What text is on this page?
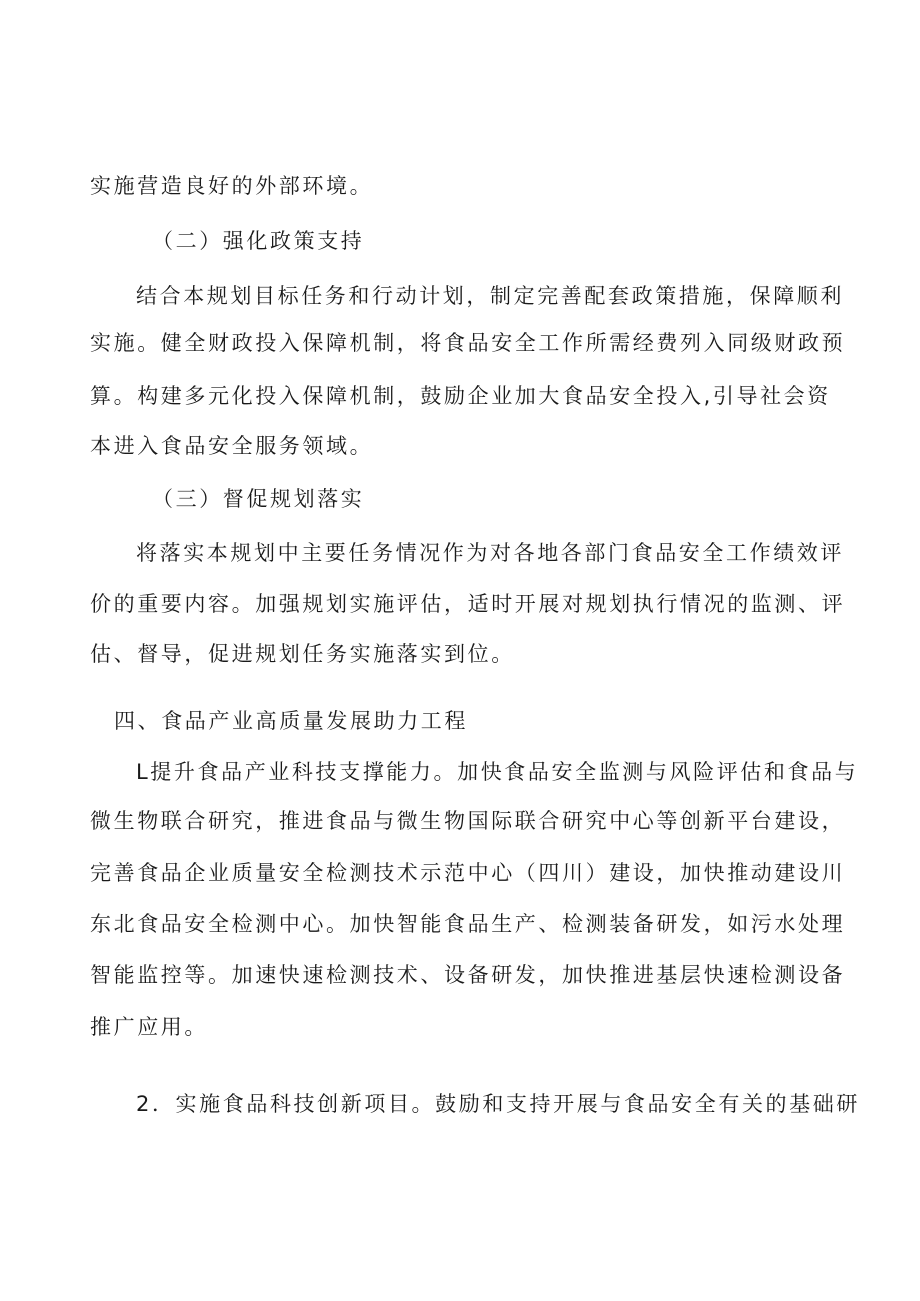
实施营造良好的外部环境。
（二）强化政策支持
结合本规划目标任务和行动计划，制定完善配套政策措施，保障顺利
实施。健全财政投入保障机制，将食品安全工作所需经费列入同级财政预
算。构建多元化投入保障机制，鼓励企业加大食品安全投入,引导社会资
本进入食品安全服务领域。
（三）督促规划落实
将落实本规划中主要任务情况作为对各地各部门食品安全工作绩效评
价的重要内容。加强规划实施评估，适时开展对规划执行情况的监测、评
估、督导，促进规划任务实施落实到位。
四、食品产业高质量发展助力工程
L提升食品产业科技支撑能力。加快食品安全监测与风险评估和食品与
微生物联合研究，推进食品与微生物国际联合研究中心等创新平台建设，
完善食品企业质量安全检测技术示范中心（四川）建设，加快推动建设川
东北食品安全检测中心。加快智能食品生产、检测装备研发，如污水处理
智能监控等。加速快速检测技术、设备研发，加快推进基层快速检测设备
推广应用。
2．实施食品科技创新项目。鼓励和支持开展与食品安全有关的基础研
